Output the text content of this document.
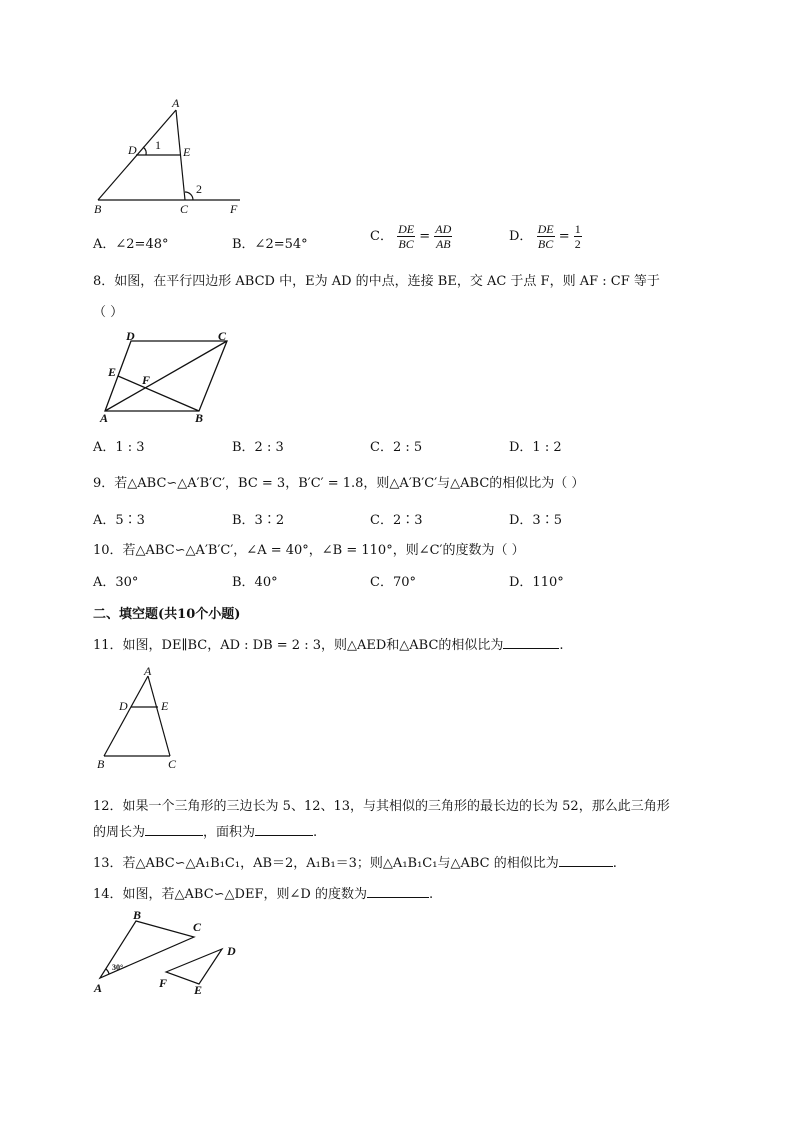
A
D	E
B	C	F
1
2
A．∠2=48°	B．∠2=54°
C． $\frac{DE}{BC} = \frac{AD}{AB}$	D． $\frac{DE}{BC} = \frac{1}{2}$
8．如图，在平行四边形 ABCD 中，E为 AD 的中点，连接 BE，交 AC 于点 F，则 AF : CF 等于
（ ）
D	C
E
F
A	B
A．1 : 3	B．2 : 3	C．2 : 5	D．1 : 2
9．若△ABC∽△A′B′C′，BC = 3，B′C′ = 1.8，则△A′B′C′与△ABC的相似比为（ ）
A．5∶3	B．3∶2	C．2∶3	D．3∶5
10．若△ABC∽△A′B′C′，∠A = 40°，∠B = 110°，则∠C′的度数为（ ）
A．30°	B．40°	C．70°	D．110°
二、填空题(共10个小题)
11．如图，DE∥BC，AD : DB = 2 : 3，则△AED和△ABC的相似比为	.
A
D	E
B	C
12．如果一个三角形的三边长为 5、12、13，与其相似的三角形的最长边的长为 52，那么此三角形
的周长为	，面积为	.
13．若△ABC∽△A₁B₁C₁，AB＝2，A₁B₁＝3；则△A₁B₁C₁与△ABC 的相似比为	.
14．如图，若△ABC∽△DEF，则∠D 的度数为	.
B
C
A
30°
D
F E
